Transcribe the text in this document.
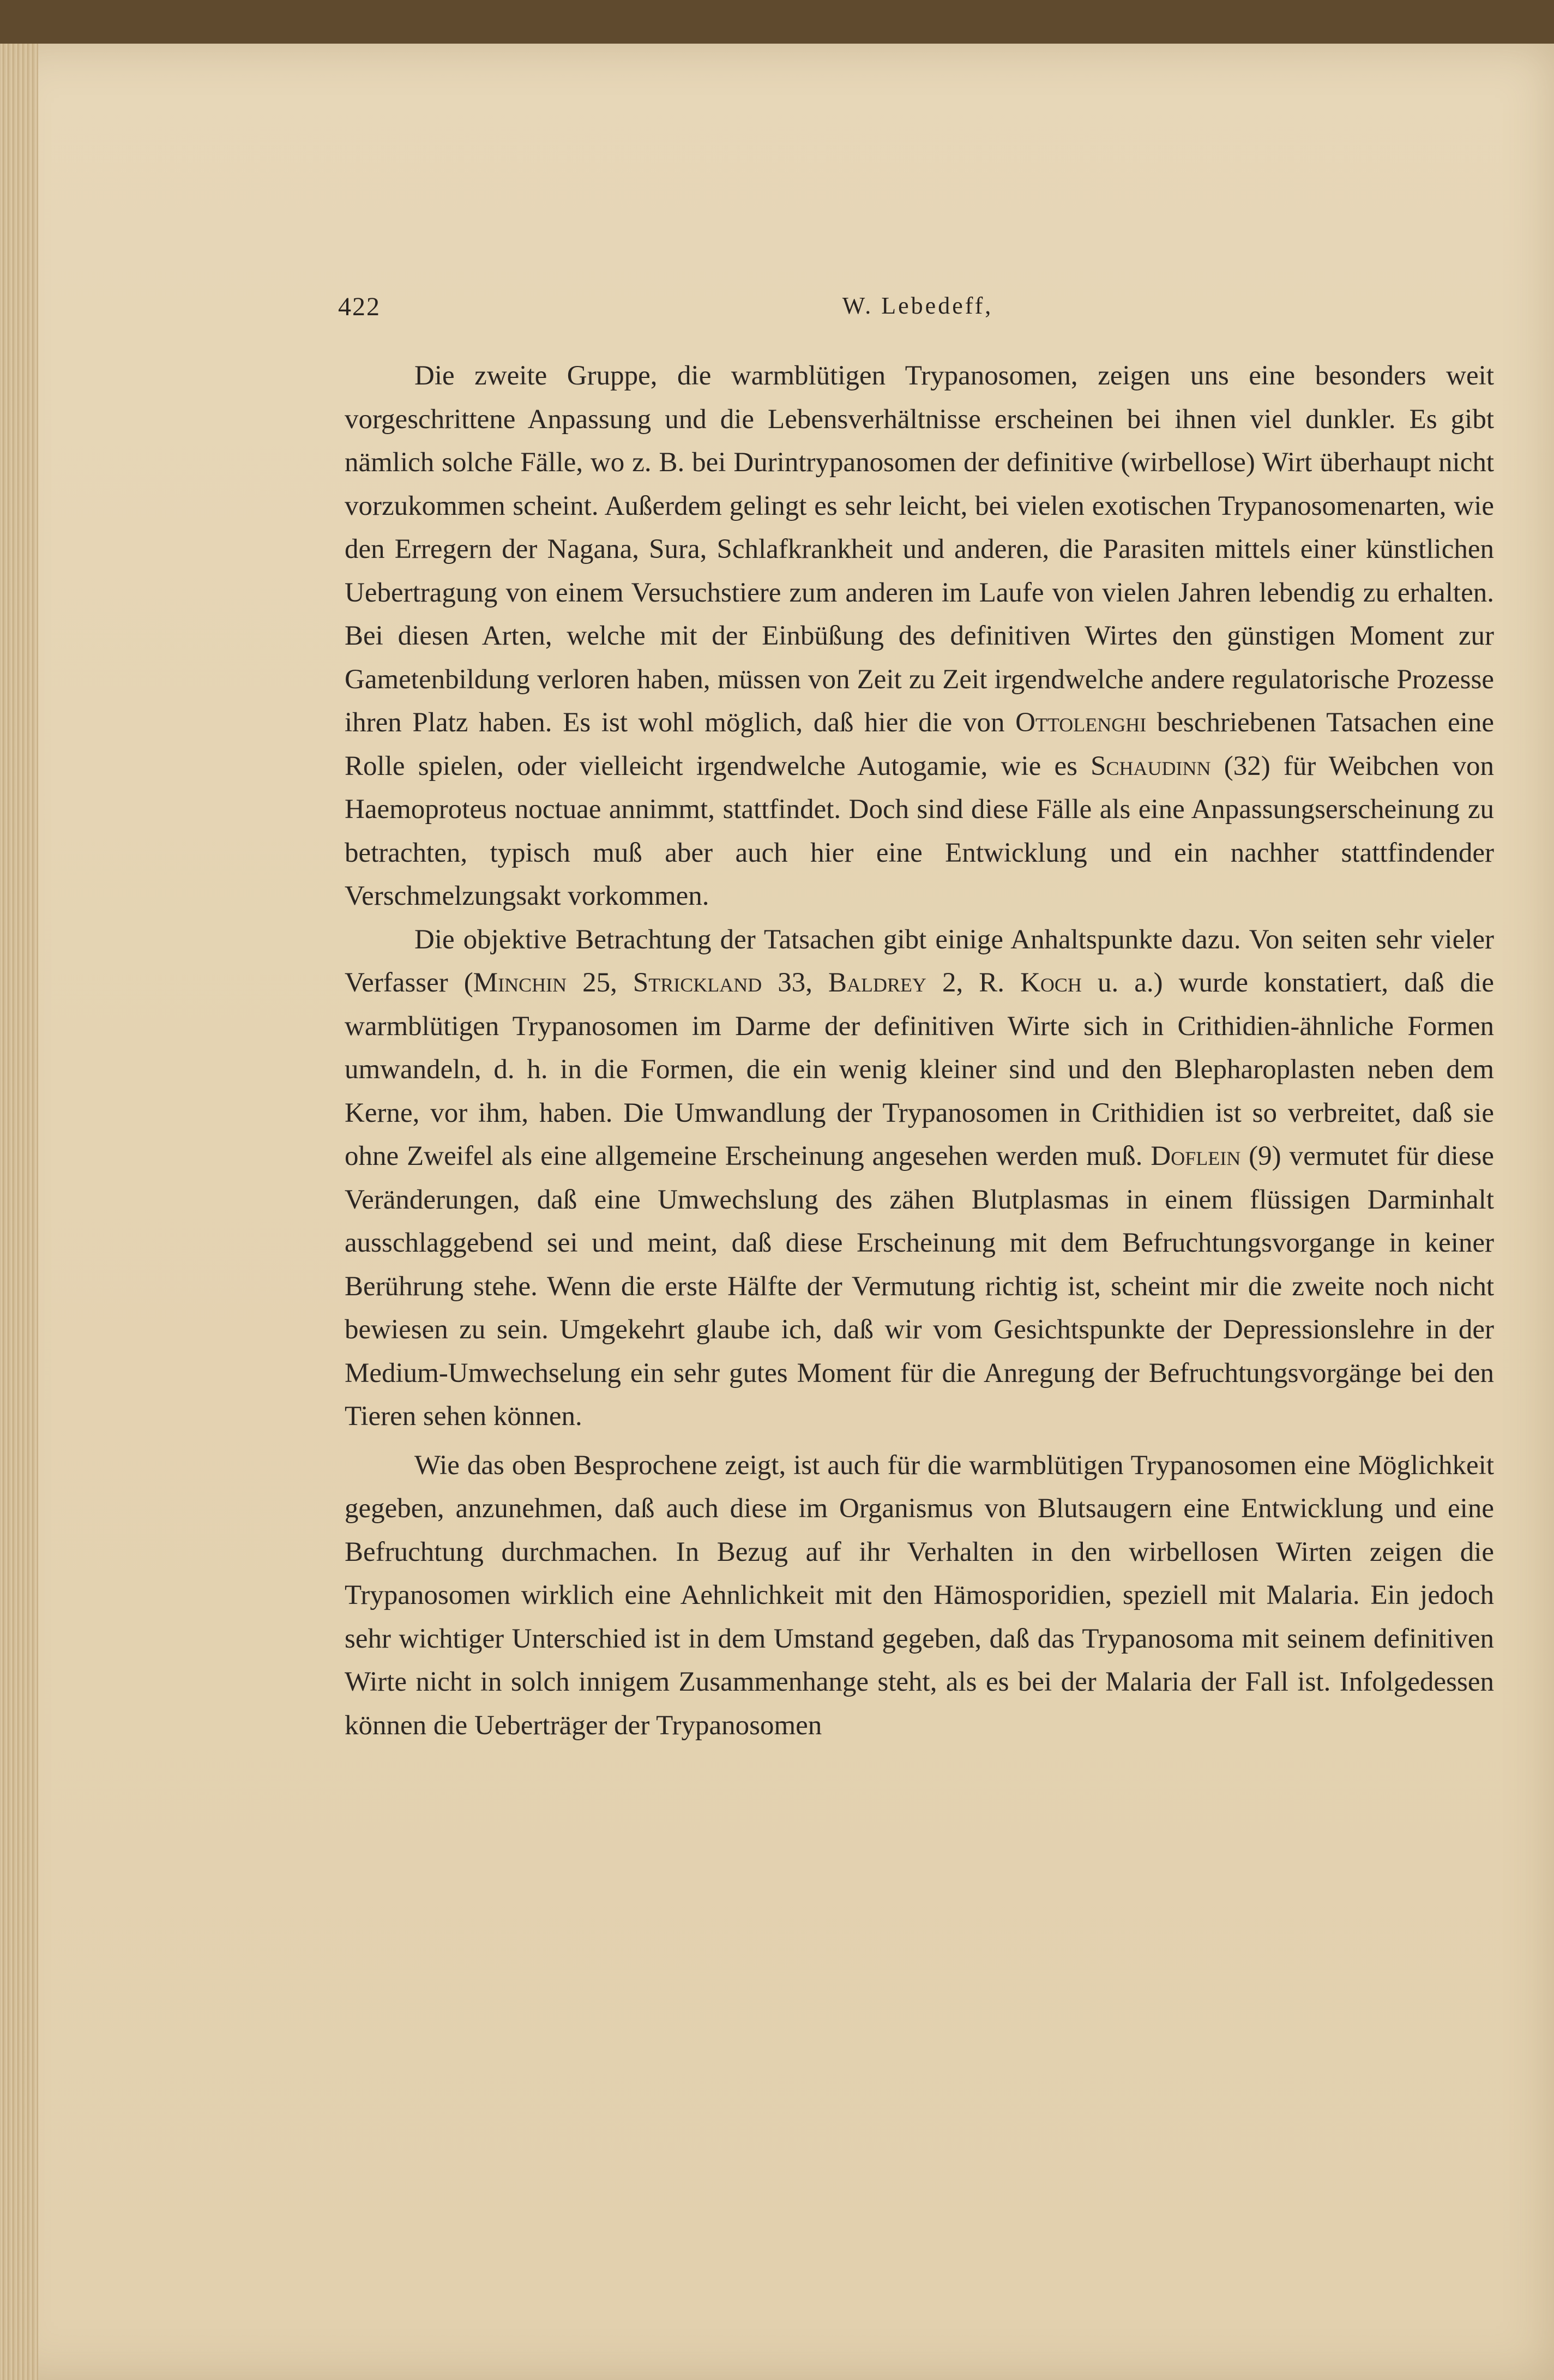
422	W. Lebedeff,

Die zweite Gruppe, die warmblütigen Trypanosomen, zeigen uns eine besonders weit vorgeschrittene Anpassung und die Lebensverhältnisse erscheinen bei ihnen viel dunkler. Es gibt nämlich solche Fälle, wo z. B. bei Durintrypanosomen der definitive (wirbellose) Wirt überhaupt nicht vorzukommen scheint. Außerdem gelingt es sehr leicht, bei vielen exotischen Trypanosomenarten, wie den Erregern der Nagana, Sura, Schlafkrankheit und anderen, die Parasiten mittels einer künstlichen Uebertragung von einem Versuchstiere zum anderen im Laufe von vielen Jahren lebendig zu erhalten. Bei diesen Arten, welche mit der Einbüßung des definitiven Wirtes den günstigen Moment zur Gametenbildung verloren haben, müssen von Zeit zu Zeit irgendwelche andere regulatorische Prozesse ihren Platz haben. Es ist wohl möglich, daß hier die von Ottolenghi beschriebenen Tatsachen eine Rolle spielen, oder vielleicht irgendwelche Autogamie, wie es Schaudinn (32) für Weibchen von Haemoproteus noctuae annimmt, stattfindet. Doch sind diese Fälle als eine Anpassungserscheinung zu betrachten, typisch muß aber auch hier eine Entwicklung und ein nachher stattfindender Verschmelzungsakt vorkommen.

Die objektive Betrachtung der Tatsachen gibt einige Anhaltspunkte dazu. Von seiten sehr vieler Verfasser (Minchin 25, Strickland 33, Baldrey 2, R. Koch u. a.) wurde konstatiert, daß die warmblütigen Trypanosomen im Darme der definitiven Wirte sich in Crithidien-ähnliche Formen umwandeln, d. h. in die Formen, die ein wenig kleiner sind und den Blepharoplasten neben dem Kerne, vor ihm, haben. Die Umwandlung der Trypanosomen in Crithidien ist so verbreitet, daß sie ohne Zweifel als eine allgemeine Erscheinung angesehen werden muß. Doflein (9) vermutet für diese Veränderungen, daß eine Umwechslung des zähen Blutplasmas in einem flüssigen Darminhalt ausschlaggebend sei und meint, daß diese Erscheinung mit dem Befruchtungsvorgange in keiner Berührung stehe. Wenn die erste Hälfte der Vermutung richtig ist, scheint mir die zweite noch nicht bewiesen zu sein. Umgekehrt glaube ich, daß wir vom Gesichtspunkte der Depressionslehre in der Medium-Umwechselung ein sehr gutes Moment für die Anregung der Befruchtungsvorgänge bei den Tieren sehen können.

Wie das oben Besprochene zeigt, ist auch für die warmblütigen Trypanosomen eine Möglichkeit gegeben, anzunehmen, daß auch diese im Organismus von Blutsaugern eine Entwicklung und eine Befruchtung durchmachen. In Bezug auf ihr Verhalten in den wirbellosen Wirten zeigen die Trypanosomen wirklich eine Aehnlichkeit mit den Hämosporidien, speziell mit Malaria. Ein jedoch sehr wichtiger Unterschied ist in dem Umstand gegeben, daß das Trypanosoma mit seinem definitiven Wirte nicht in solch innigem Zusammenhange steht, als es bei der Malaria der Fall ist. Infolgedessen können die Ueberträger der Trypanosomen
